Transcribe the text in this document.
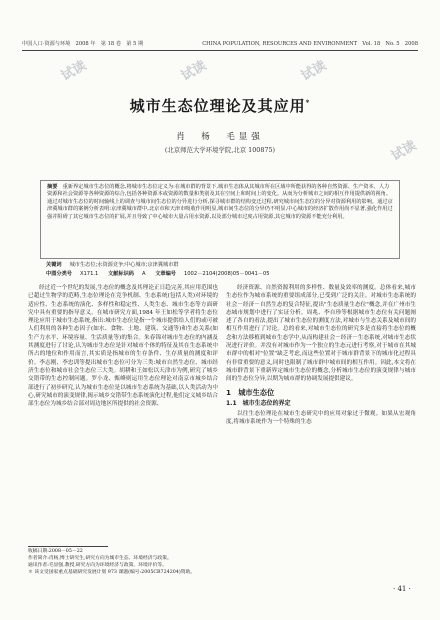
中国人口·资源与环境　2008 年　第 18 卷　第 5 期	CHINA POPULATION, RESOURCES AND ENVIRONMENT　Vol. 18　No. 5　2008
城市生态位理论及其应用*
肖　杨　毛显强
(北京师范大学环境学院,北京 100875)
摘要　重新界定城市生态位的概念,将城市生态位定义为:在城市群的背景下,城市生态体从其城市所在区域中所能获得的各种自然资源、生产资本、人力资源和社会资源等各种资源的综合,包括各种资源本或资源的数量和类别及其在空间上和时间上的变化。从而为分析城市之间的相互作用提供新的视角。通过对城市生态位的时间轴线上的调查与城市间生态位的分异进行分析,探寻城市群的结构变迁过程,研究城市间生态位的分异对资源利用的影响。通过京津冀城市群的案例分析表明:京津冀城市群中,北京市和天津市吸收作用明显,城市间生态位的分异仍不明显,中心城市的经济扩散作用尚不显著,强化作用过强并阻碍了其它城市生态位的扩展,并且导致了中心城市大量占用水资源,以及部分城市过度占用资源,其它城市的资源不能充分利用。
关键词 城市生态位;水资源竞争;中心城市;京津冀城市群
中图分类号 X171.1 文献标识码 A 文章编号 1002－2104(2008)05－0041－05

经过近一个世纪的发展,生态位的概念及其理论正日趋完善,其应用范围也已超过生物学的范畴,生态位理论在竞争机制、生态系统(包括人类)对环境的适应性、生态系统的演化、多样性和稳定性、人类生态、城市生态等方面研究中具有重要的指导意义。在城市研究方面,1984 年王如松等学者将生态位理论应用于城市生态系统,指出:城市生态位是指一个城市提供给人们的或可被人们利用的各种生态因子(如水、食物、土地、建筑、交通等)和生态关系(如生产力水平、环境容量、生活质量等)的集合。朱春锦对城市生态位的内涵及其测度进行了讨论,认为城市生态位是针对城市个体的特征及其在生态系统中所占的地位和作用而言,其实质是指城市的生存条件、生存质量的测度和评价。李志刚、李忠训等提出城市生态位可分为三类:城市自然生态位、城市经济生态位和城市社会生态位三大类。胡耕和王如松以天津市为例,研究了城乡交错带的生态控制问题。罗小龙、甄峰则运用生态位理论对南京市城乡结合部进行了初步研究,认为城市生态位是以城市生态系统为基础,以人类活动为中心,研究城市的演变规律,揭示城乡交错带生态系统演化过程,他们定义城乡结合部生态位为城乡结合部对周边地区所提供的社会资源、

经济资源、自然资源利用的多样性、数量及效率的测度。总体看来,城市生态位作为城市系统的重要组成部分,已受到广泛的关注。对城市生态系统的社会－经济－自然生态的复合特征,提出"生态质量生态位"概念,并在广州市生态城市规划中进行了实证分析。周兆、李自珍等根据城市生态位有关问题阐述了各自的看法,提出了城市生态位的测度方法,对城市与生态关系及城市间的相互作用进行了讨论。总的看来,对城市生态位的研究多是直接将生态位的概念和方法移植到城市生态学中,从而构建社会－经济－生态系统,对城市生态状况进行评价。并没有对城市作为一个独立的生态元进行考察,对于城市在其城市群中的相对"位置"缺乏考虑,而这些位置对于城市群背景下的城市化过程具有非常重要的意义,同时也限制了城市群中城市间的相互作用。因此,本文将在城市群背景下重新界定城市生态位的概念,分析城市生态位的演变规律与城市间的生态位分异,以期为城市群的协调发展提供建议。

1　城市生态位
1.1　城市生态位的界定

以往生态位理论在城市生态研究中的应用对象过于微观。如果从宏观角度,将城市系统作为一个特殊的生态

收稿日期:2008－05－22
作者简介:肖杨,博士研究生,研究方向为城市生态、环境经济与政策。
通讯作者:毛显强,教授,研究方向为环境经济与政策、环境评价等。
＊ 该文受国家重点基础研究发展计划 973 课题(编号:2005CB724204)资助。
· 41 ·
试读	试读	试读
试读
